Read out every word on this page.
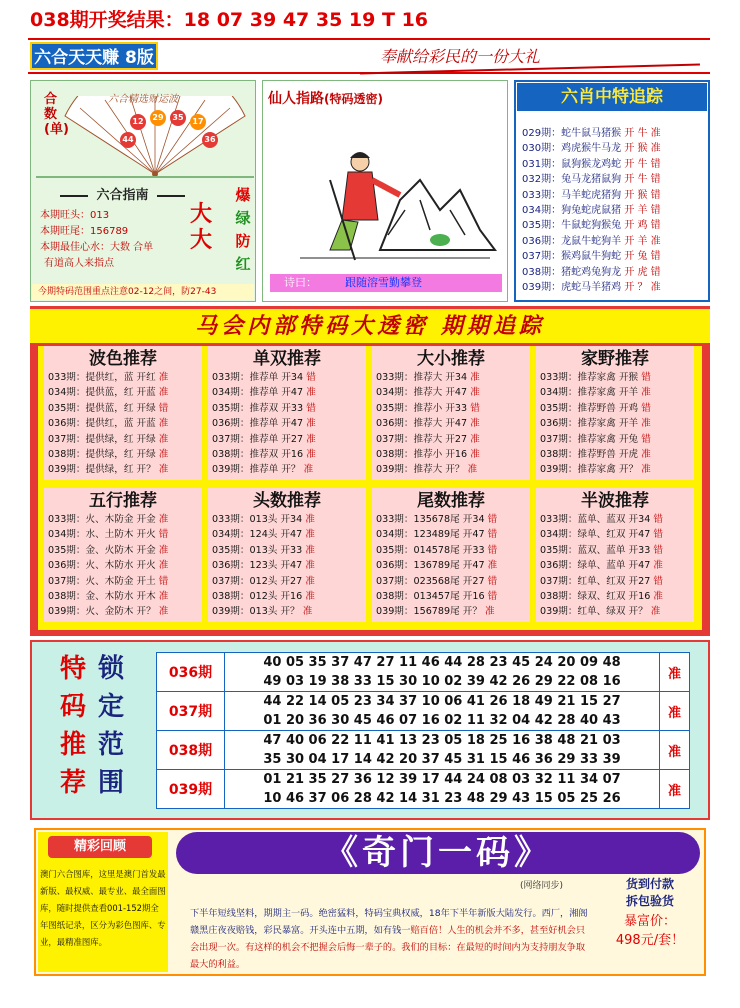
038期开奖结果：18 07 39 47 35 19 T 16
六合天天赚 8版	奉献给彩民的一份大礼
六合精选财运波
合数(单)
44
12	29	35	17
36
六合指南
本期旺头：013
本期旺尾：156789
本期最佳心水：大数 合单
有道高人来指点
大大
爆
绿
防
红
今期特码范围重点注意02-12之间，防27-43
仙人指路(特码透密)
诗曰：	跟随溶雪勤攀登
六肖中特追踪
029期：蛇牛鼠马猪猴 开 牛 准
030期：鸡虎猴牛马龙 开 猴 准
031期：鼠狗猴龙鸡蛇 开 牛 错
032期：兔马龙猪鼠狗 开 牛 错
033期：马羊蛇虎猪狗 开 猴 错
034期：狗兔蛇虎鼠猪 开 羊 错
035期：牛鼠蛇狗猴兔 开 鸡 错
036期：龙鼠牛蛇狗羊 开 羊 准
037期：猴鸡鼠牛狗蛇 开 兔 错
038期：猪蛇鸡兔狗龙 开 虎 错
039期：虎蛇马羊猪鸡 开 ？ 准
马会内部特码大透密 期期追踪
波色推荐
033期：提供红，蓝 开红 准
034期：提供蓝，红 开蓝 准
035期：提供蓝，红 开绿 错
036期：提供红，蓝 开蓝 准
037期：提供绿，红 开绿 准
038期：提供绿，红 开绿 准
039期：提供绿，红 开？ 准
单双推荐
033期：推荐单 开34 错
034期：推荐单 开47 准
035期：推荐双 开33 错
036期：推荐单 开47 准
037期：推荐单 开27 准
038期：推荐双 开16 准
039期：推荐单 开？ 准
大小推荐
033期：推荐大 开34 准
034期：推荐大 开47 准
035期：推荐小 开33 错
036期：推荐大 开47 准
037期：推荐大 开27 准
038期：推荐小 开16 准
039期：推荐大 开？ 准
家野推荐
033期：推荐家禽 开猴 错
034期：推荐家禽 开羊 准
035期：推荐野兽 开鸡 错
036期：推荐家禽 开羊 准
037期：推荐家禽 开兔 错
038期：推荐野兽 开虎 准
039期：推荐家禽 开？ 准
五行推荐
033期：火、木防金 开金 准
034期：水、土防木 开火 错
035期：金、火防木 开金 准
036期：火、木防水 开火 准
037期：火、木防金 开土 错
038期：金、木防水 开木 准
039期：火、金防木 开？ 准
头数推荐
033期：013头 开34 准
034期：124头 开47 准
035期：013头 开33 准
036期：123头 开47 准
037期：012头 开27 准
038期：012头 开16 准
039期：013头 开？ 准
尾数推荐
033期：135678尾 开34 错
034期：123489尾 开47 错
035期：014578尾 开33 错
036期：136789尾 开47 准
037期：023568尾 开27 错
038期：013457尾 开16 错
039期：156789尾 开？ 准
半波推荐
033期：蓝单、蓝双 开34 错
034期：绿单、红双 开47 错
035期：蓝双、蓝单 开33 错
036期：绿单、蓝单 开47 准
037期：红单、红双 开27 错
038期：绿双、红双 开16 准
039期：红单、绿双 开？ 准
特码推荐
锁定范围
036期	40 05 35 37 47 27 11 46 44 28 23 45 24 20 09 48
49 03 19 38 33 15 30 10 02 39 42 26 29 22 08 16	准
037期	44 22 14 05 23 34 37 10 06 41 26 18 49 21 15 27
01 20 36 30 45 46 07 16 02 11 32 04 42 28 40 43	准
038期	47 40 06 22 11 41 13 23 05 18 25 16 38 48 21 03
35 30 04 17 14 42 20 37 45 31 15 46 36 29 33 39	准
039期	01 21 35 27 36 12 39 17 44 24 08 03 32 11 34 07
10 46 37 06 28 42 14 31 23 48 29 43 15 05 25 26	准
精彩回顾
澳门六合图库，这里是澳门首发最新版、最权威、最专业、最全面图库，随时提供查看001-152期全年图纸记录，区分为彩色图库、专业，最精准图库。
《奇门一码》
(网络同步)
下半年短线坚料，期期主一码。绝密猛料，特码宝典权威，18年下半年新版大陆发行。西厂，湘阁赣黑庄夜夜赔钱，彩民暴富。开头连中五期，如有钱一赔百倍！人生的机会并不多，甚至好机会只会出现一次。有这样的机会不把握会后悔一辈子的。我们的目标：在最短的时间内为支持朋友争取最大的利益。
货到付款
拆包验货
暴富价：
498元/套！
